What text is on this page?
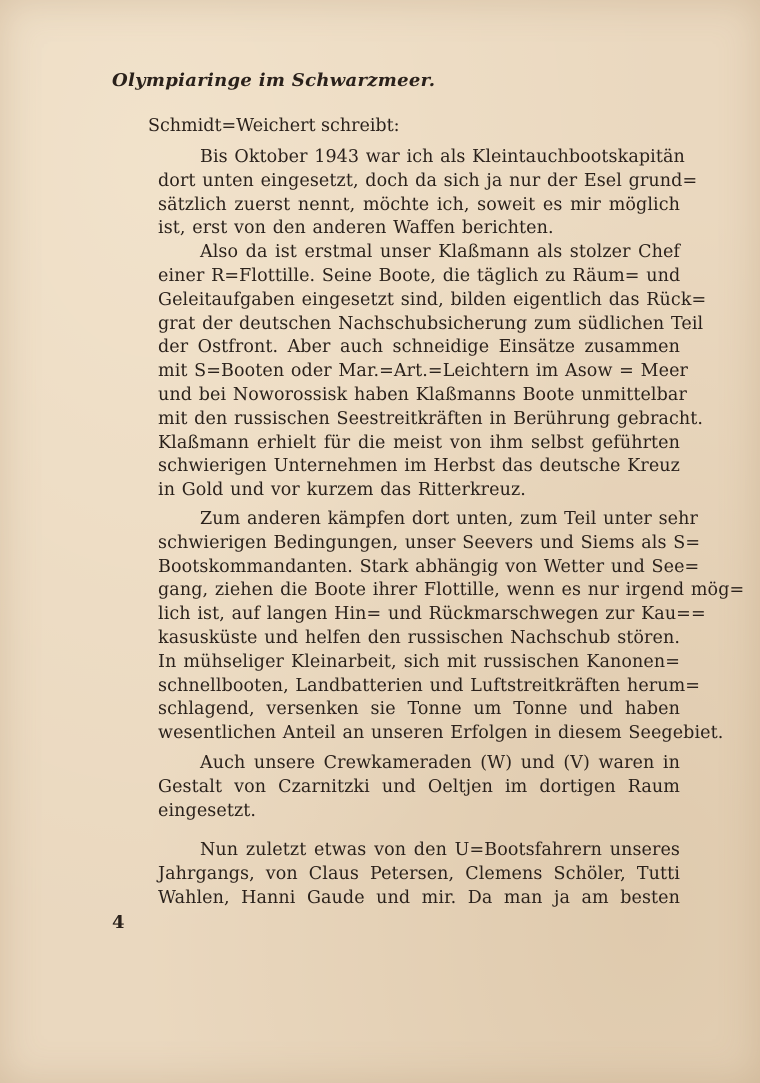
Olympiaringe im Schwarzmeer.
Schmidt=Weichert schreibt:
Bis Oktober 1943 war ich als Kleintauchbootskapitän
dort unten eingesetzt, doch da sich ja nur der Esel grund=
sätzlich zuerst nennt, möchte ich, soweit es mir möglich
ist, erst von den anderen Waffen berichten.
Also da ist erstmal unser Klaßmann als stolzer Chef
einer R=Flottille. Seine Boote, die täglich zu Räum= und
Geleitaufgaben eingesetzt sind, bilden eigentlich das Rück=
grat der deutschen Nachschubsicherung zum südlichen Teil
der Ostfront. Aber auch schneidige Einsätze zusammen
mit S=Booten oder Mar.=Art.=Leichtern im Asow = Meer
und bei Noworossisk haben Klaßmanns Boote unmittelbar
mit den russischen Seestreitkräften in Berührung gebracht.
Klaßmann erhielt für die meist von ihm selbst geführten
schwierigen Unternehmen im Herbst das deutsche Kreuz
in Gold und vor kurzem das Ritterkreuz.
Zum anderen kämpfen dort unten, zum Teil unter sehr
schwierigen Bedingungen, unser Seevers und Siems als S=
Bootskommandanten. Stark abhängig von Wetter und See=
gang, ziehen die Boote ihrer Flottille, wenn es nur irgend mög=
lich ist, auf langen Hin= und Rückmarschwegen zur Kau==
kasusküste und helfen den russischen Nachschub stören.
In mühseliger Kleinarbeit, sich mit russischen Kanonen=
schnellbooten, Landbatterien und Luftstreitkräften herum=
schlagend, versenken sie Tonne um Tonne und haben
wesentlichen Anteil an unseren Erfolgen in diesem Seegebiet.
Auch unsere Crewkameraden (W) und (V) waren in
Gestalt von Czarnitzki und Oeltjen im dortigen Raum
eingesetzt.
Nun zuletzt etwas von den U=Bootsfahrern unseres
Jahrgangs, von Claus Petersen, Clemens Schöler, Tutti
Wahlen, Hanni Gaude und mir. Da man ja am besten
4
